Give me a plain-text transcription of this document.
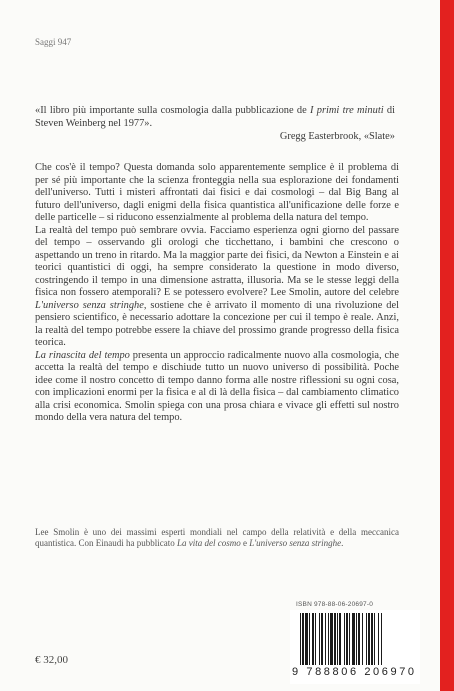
Saggi 947

«Il libro più importante sulla cosmologia dalla pubblicazione de I primi tre minuti di Steven Weinberg nel 1977».

Gregg Easterbrook, «Slate»

Che cos'è il tempo? Questa domanda solo apparentemente semplice è il problema di per sé più importante che la scienza fronteggia nella sua esplorazione dei fondamenti dell'universo. Tutti i misteri affrontati dai fisici e dai cosmologi – dal Big Bang al futuro dell'universo, dagli enigmi della fisica quantistica all'unificazione delle forze e delle particelle – si riducono essenzialmente al problema della natura del tempo.

La realtà del tempo può sembrare ovvia. Facciamo esperienza ogni giorno del passare del tempo – osservando gli orologi che ticchettano, i bambini che crescono o aspettando un treno in ritardo. Ma la maggior parte dei fisici, da Newton a Einstein e ai teorici quantistici di oggi, ha sempre considerato la questione in modo diverso, costringendo il tempo in una dimensione astratta, illusoria. Ma se le stesse leggi della fisica non fossero atemporali? E se potessero evolvere? Lee Smolin, autore del celebre L'universo senza stringhe, sostiene che è arrivato il momento di una rivoluzione del pensiero scientifico, è necessario adottare la concezione per cui il tempo è reale. Anzi, la realtà del tempo potrebbe essere la chiave del prossimo grande progresso della fisica teorica.

La rinascita del tempo presenta un approccio radicalmente nuovo alla cosmologia, che accetta la realtà del tempo e dischiude tutto un nuovo universo di possibilità. Poche idee come il nostro concetto di tempo danno forma alle nostre riflessioni su ogni cosa, con implicazioni enormi per la fisica e al di là della fisica – dal cambiamento climatico alla crisi economica. Smolin spiega con una prosa chiara e vivace gli effetti sul nostro mondo della vera natura del tempo.

Lee Smolin è uno dei massimi esperti mondiali nel campo della relatività e della meccanica quantistica. Con Einaudi ha pubblicato La vita del cosmo e L'universo senza stringhe.

ISBN 978-88-06-20697-0
9 788806 206970
€ 32,00
